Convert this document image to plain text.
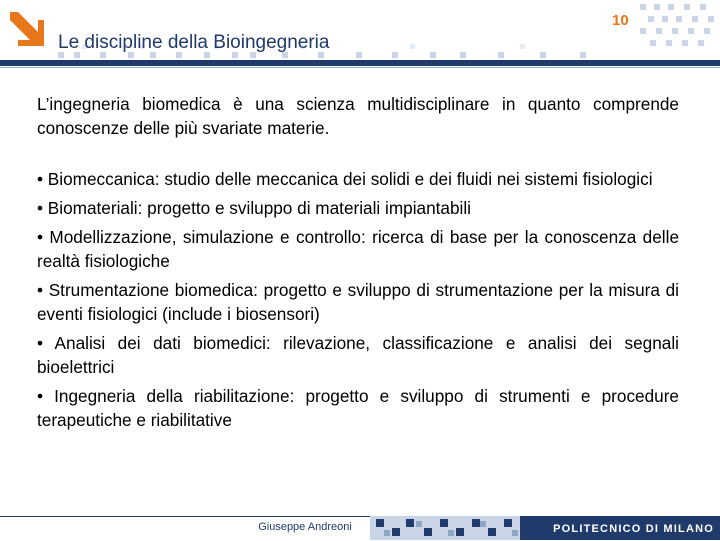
Le discipline della Bioingegneria
10

L’ingegneria biomedica è una scienza multidisciplinare in quanto comprende conoscenze delle più svariate materie.

• Biomeccanica: studio delle meccanica dei solidi e dei fluidi nei sistemi fisiologici
• Biomateriali: progetto e sviluppo di materiali impiantabili
• Modellizzazione, simulazione e controllo: ricerca di base per la conoscenza delle realtà fisiologiche
• Strumentazione biomedica: progetto e sviluppo di strumentazione per la misura di eventi fisiologici (include i biosensori)
• Analisi dei dati biomedici: rilevazione, classificazione e analisi dei segnali bioelettrici
• Ingegneria della riabilitazione: progetto e sviluppo di strumenti e procedure terapeutiche e riabilitative
Giuseppe Andreoni	POLITECNICO DI MILANO
